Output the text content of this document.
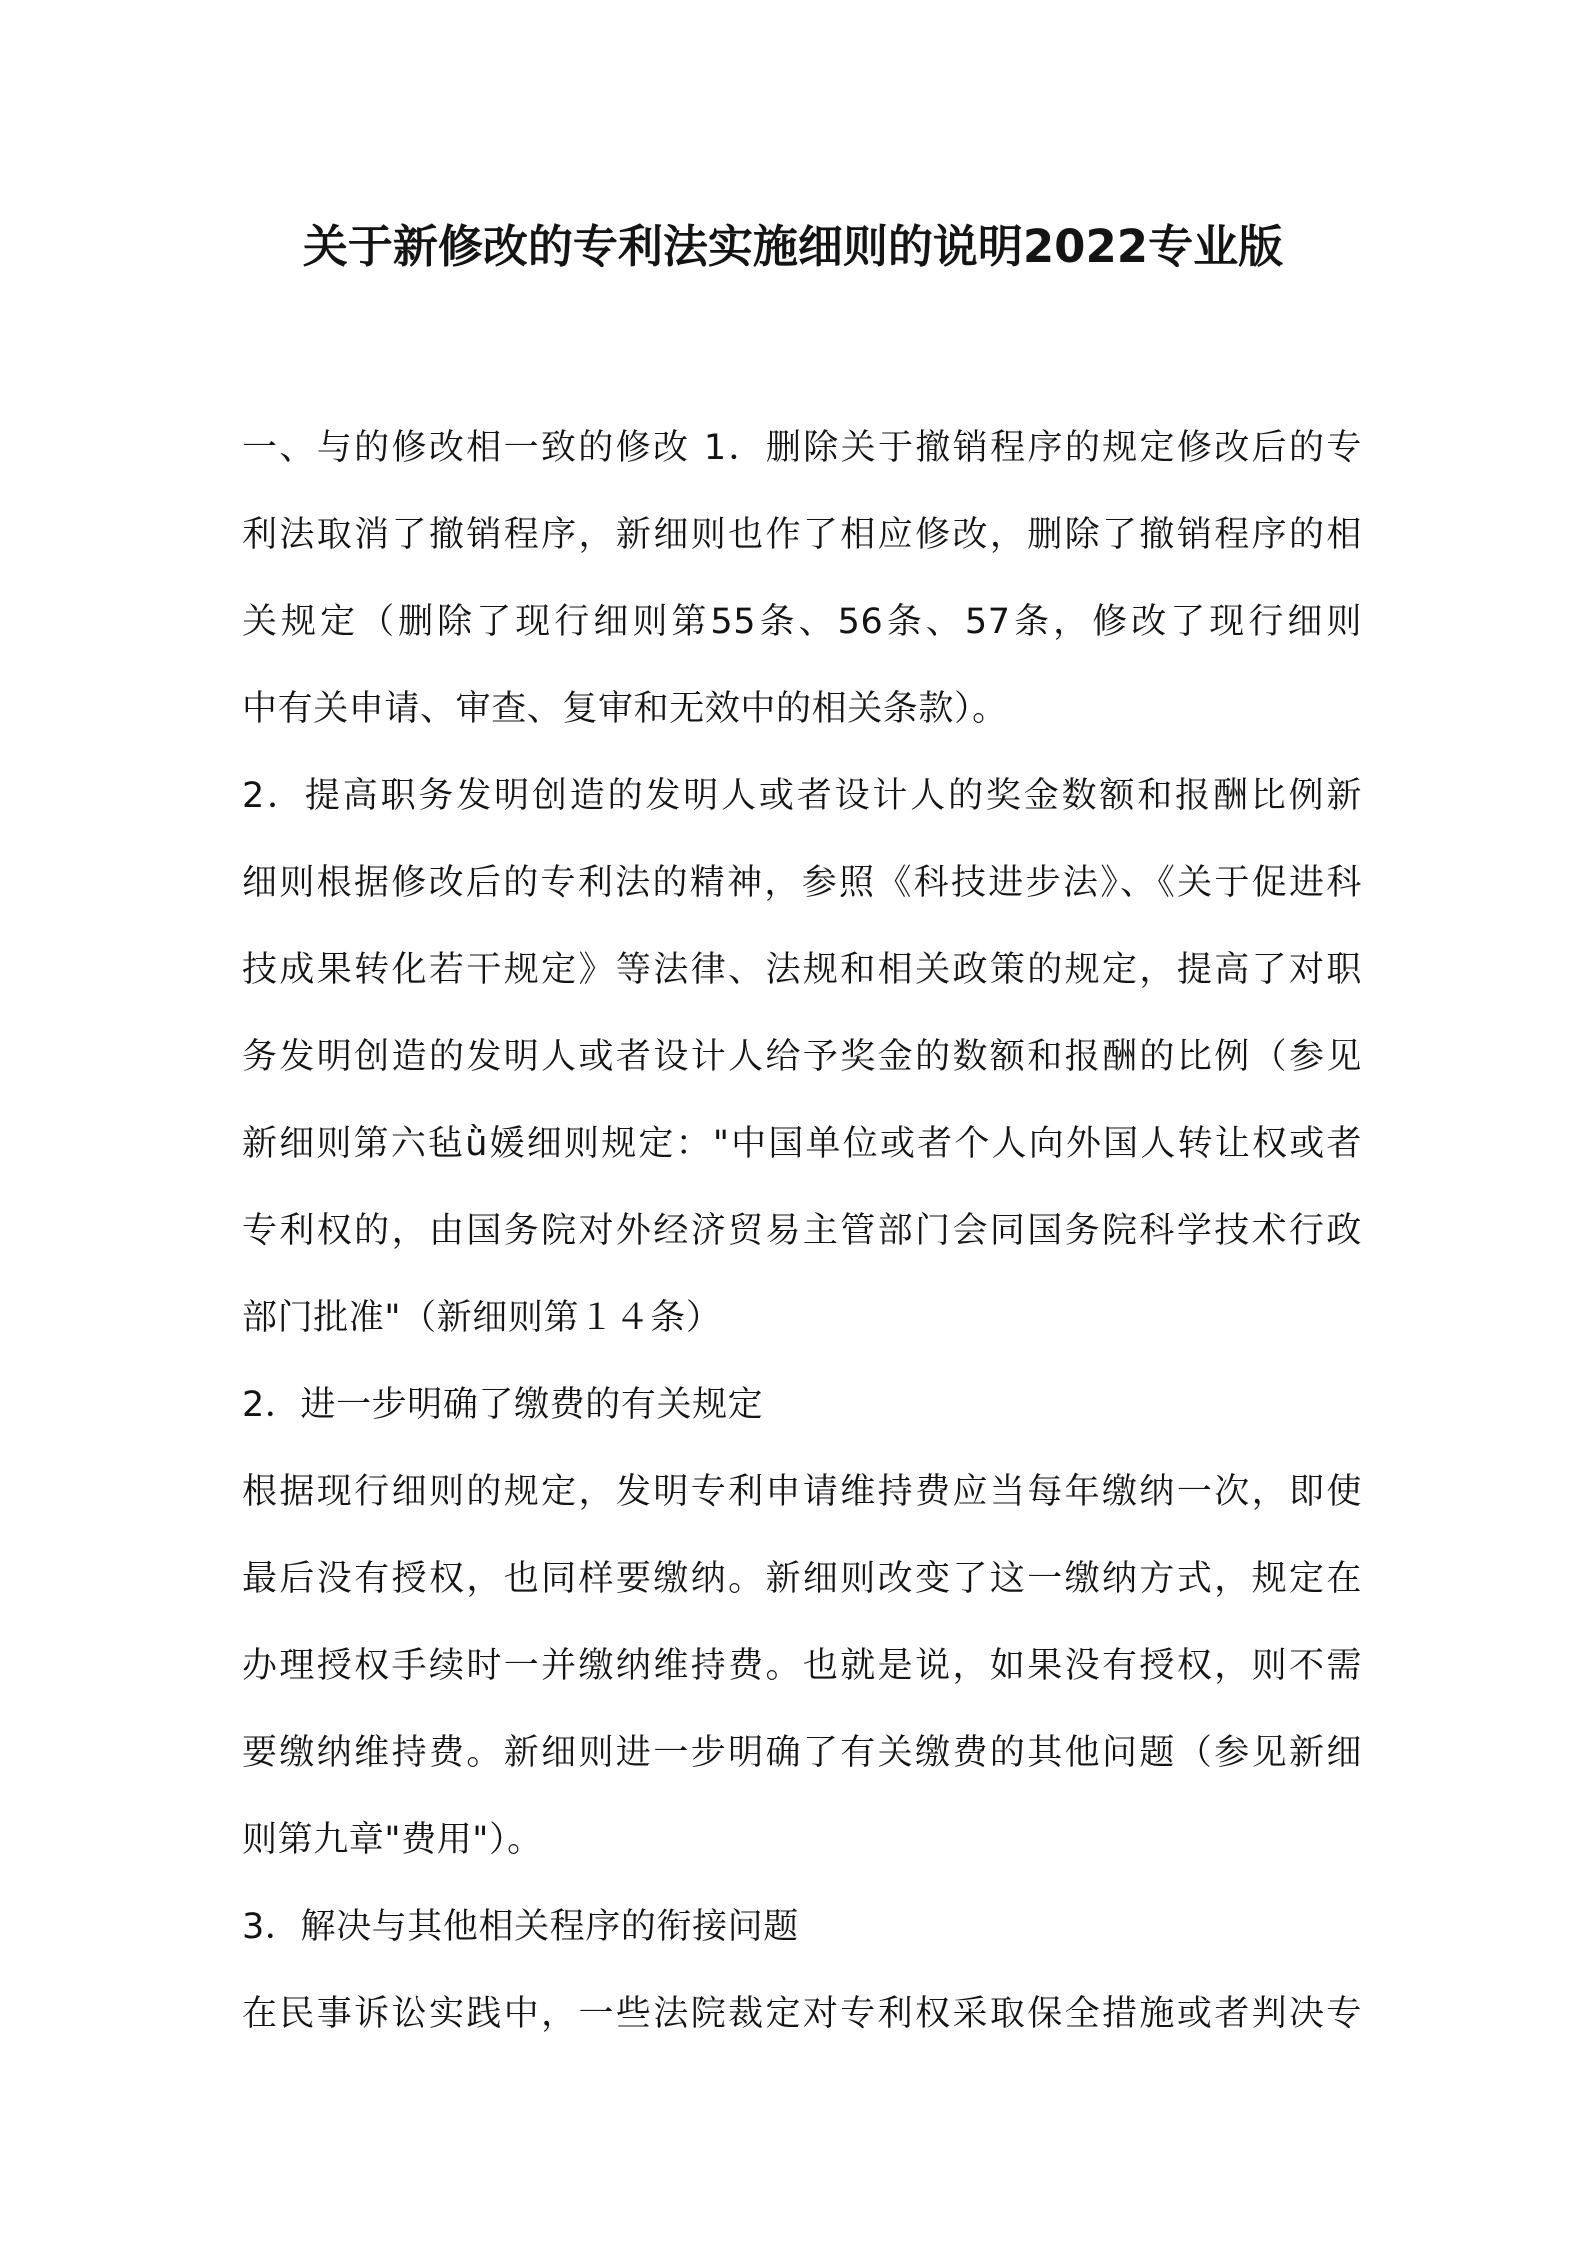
关于新修改的专利法实施细则的说明2022专业版
一、与的修改相一致的修改 1．删除关于撤销程序的规定修改后的专
利法取消了撤销程序，新细则也作了相应修改，删除了撤销程序的相
关规定（删除了现行细则第55条、56条、57条，修改了现行细则
中有关申请、审查、复审和无效中的相关条款）。
2．提高职务发明创造的发明人或者设计人的奖金数额和报酬比例新
细则根据修改后的专利法的精神，参照《科技进步法》、《关于促进科
技成果转化若干规定》等法律、法规和相关政策的规定，提高了对职
务发明创造的发明人或者设计人给予奖金的数额和报酬的比例（参见
新细则第六毡ǜ媛细则规定："中国单位或者个人向外国人转让权或者
专利权的，由国务院对外经济贸易主管部门会同国务院科学技术行政
部门批准"（新细则第１４条）
2．进一步明确了缴费的有关规定
根据现行细则的规定，发明专利申请维持费应当每年缴纳一次，即使
最后没有授权，也同样要缴纳。新细则改变了这一缴纳方式，规定在
办理授权手续时一并缴纳维持费。也就是说，如果没有授权，则不需
要缴纳维持费。新细则进一步明确了有关缴费的其他问题（参见新细
则第九章"费用"）。
3．解决与其他相关程序的衔接问题
在民事诉讼实践中，一些法院裁定对专利权采取保全措施或者判决专
